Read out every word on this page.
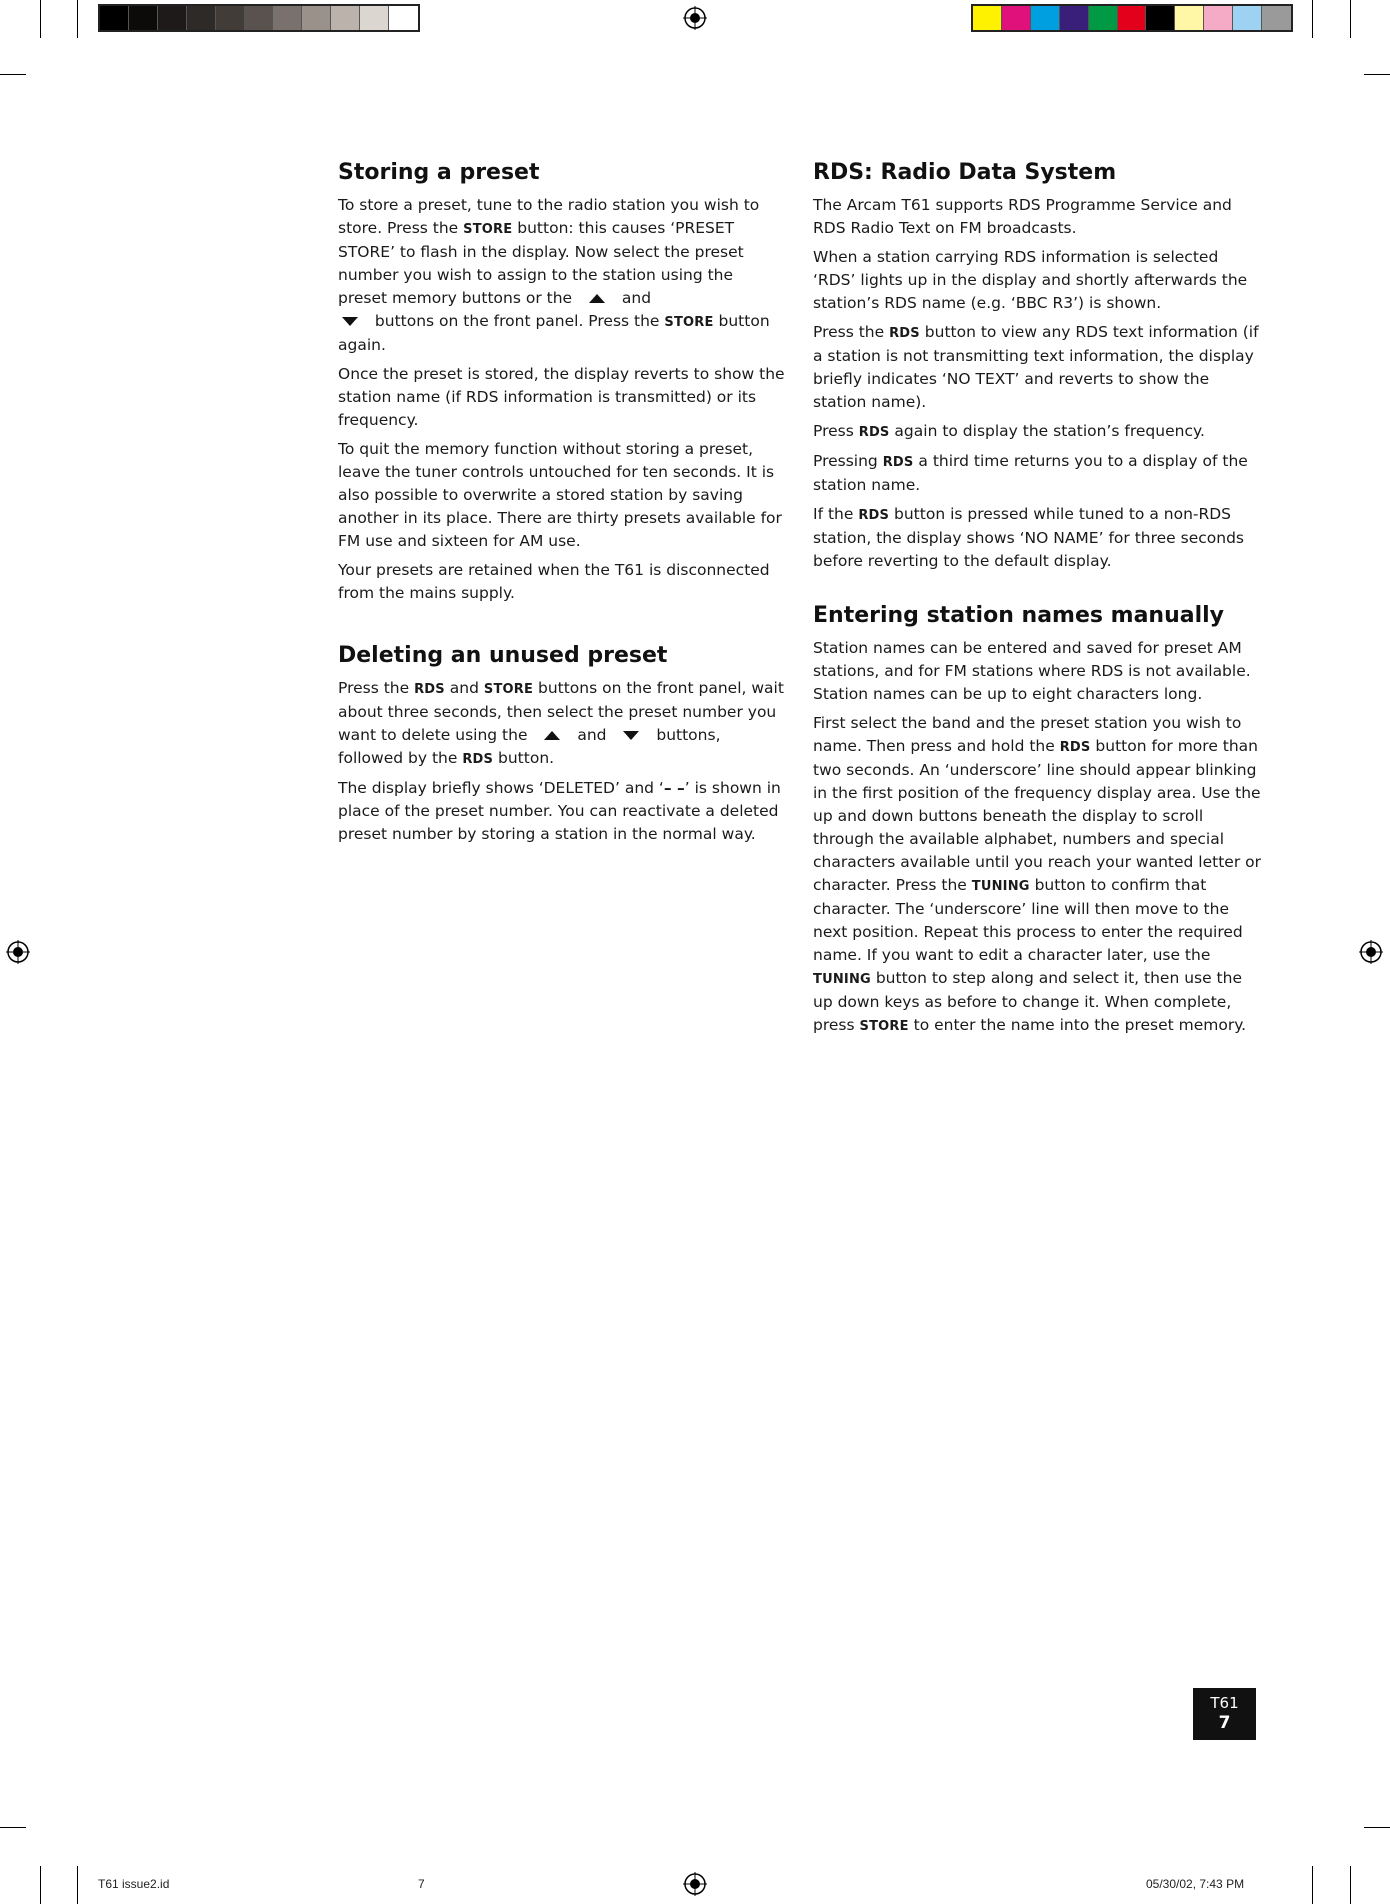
Storing a preset

To store a preset, tune to the radio station you wish to store. Press the STORE button: this causes ‘PRESET STORE’ to flash in the display. Now select the preset number you wish to assign to the station using the preset memory buttons or the	and
buttons on the front panel. Press the STORE button again.

Once the preset is stored, the display reverts to show the station name (if RDS information is transmitted) or its frequency.

To quit the memory function without storing a preset, leave the tuner controls untouched for ten seconds. It is also possible to overwrite a stored station by saving another in its place. There are thirty presets available for FM use and sixteen for AM use.

Your presets are retained when the T61 is disconnected from the mains supply.

Deleting an unused preset

Press the RDS and STORE buttons on the front panel, wait about three seconds, then select the preset number you want to delete using the	and	buttons, followed by the RDS button.

The display briefly shows ‘DELETED’ and ‘– –’ is shown in place of the preset number. You can reactivate a deleted preset number by storing a station in the normal way.

RDS: Radio Data System

The Arcam T61 supports RDS Programme Service and RDS Radio Text on FM broadcasts.

When a station carrying RDS information is selected ‘RDS’ lights up in the display and shortly afterwards the station’s RDS name (e.g. ‘BBC R3’) is shown.

Press the RDS button to view any RDS text information (if a station is not transmitting text information, the display briefly indicates ‘NO TEXT’ and reverts to show the station name).

Press RDS again to display the station’s frequency.

Pressing RDS a third time returns you to a display of the station name.

If the RDS button is pressed while tuned to a non-RDS station, the display shows ‘NO NAME’ for three seconds before reverting to the default display.

Entering station names manually

Station names can be entered and saved for preset AM stations, and for FM stations where RDS is not available. Station names can be up to eight characters long.

First select the band and the preset station you wish to name. Then press and hold the RDS button for more than two seconds. An ‘underscore’ line should appear blinking in the first position of the frequency display area. Use the up and down buttons beneath the display to scroll through the available alphabet, numbers and special characters available until you reach your wanted letter or character. Press the TUNING button to confirm that character. The ‘underscore’ line will then move to the next position. Repeat this process to enter the required name. If you want to edit a character later, use the TUNING button to step along and select it, then use the up down keys as before to change it. When complete, press STORE to enter the name into the preset memory.

T61
7
T61 issue2.id	7	05/30/02, 7:43 PM
